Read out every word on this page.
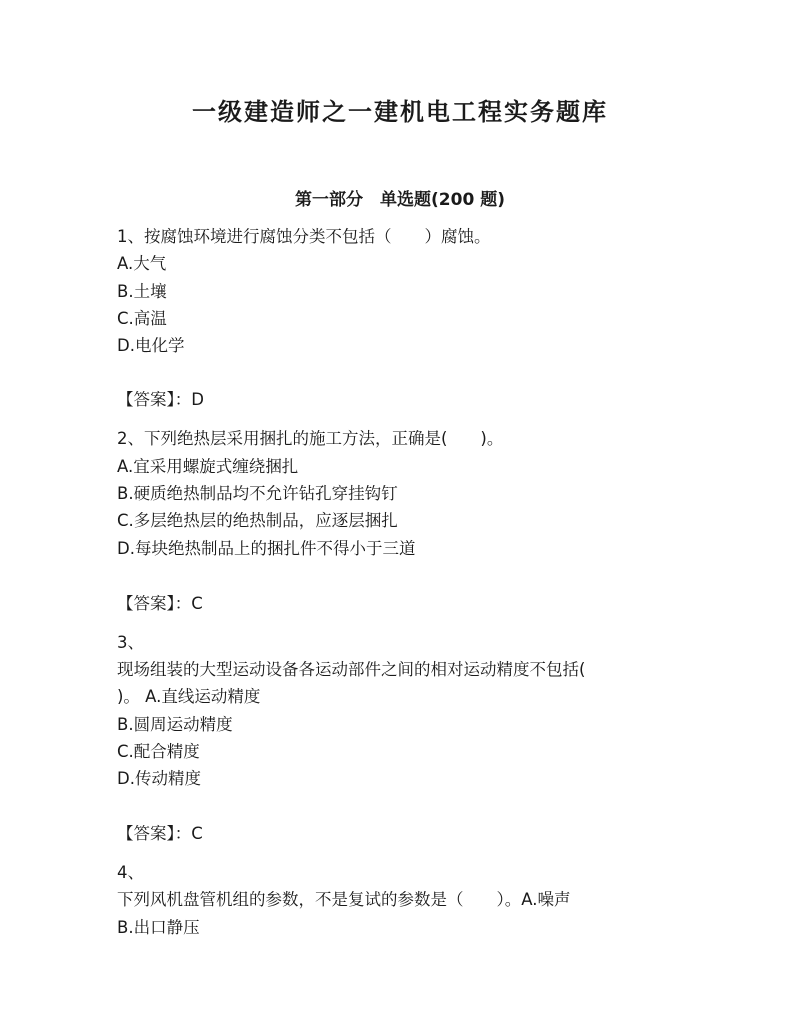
一级建造师之一建机电工程实务题库
第一部分　单选题(200 题)
1、按腐蚀环境进行腐蚀分类不包括（　　）腐蚀。
A.大气
B.土壤
C.高温
D.电化学
【答案】：D
2、下列绝热层采用捆扎的施工方法，正确是(　　)。
A.宜采用螺旋式缠绕捆扎
B.硬质绝热制品均不允许钻孔穿挂钩钉
C.多层绝热层的绝热制品，应逐层捆扎
D.每块绝热制品上的捆扎件不得小于三道
【答案】：C
3、
现场组装的大型运动设备各运动部件之间的相对运动精度不包括(
)。 A.直线运动精度
B.圆周运动精度
C.配合精度
D.传动精度
【答案】：C
4、
下列风机盘管机组的参数，不是复试的参数是（　　）。A.噪声
B.出口静压
